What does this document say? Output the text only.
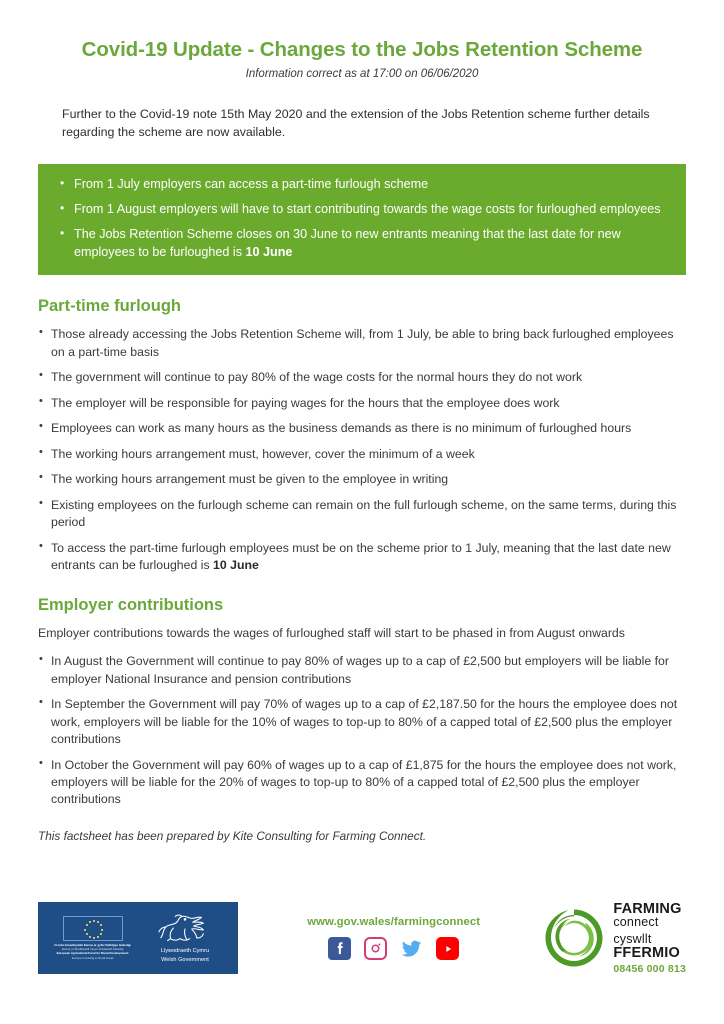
Covid-19 Update - Changes to the Jobs Retention Scheme
Information correct as at 17:00 on 06/06/2020

Further to the Covid-19 note 15th May 2020 and the extension of the Jobs Retention scheme further details regarding the scheme are now available.

• From 1 July employers can access a part-time furlough scheme
• From 1 August employers will have to start contributing towards the wage costs for furloughed employees
• The Jobs Retention Scheme closes on 30 June to new entrants meaning that the last date for new employees to be furloughed is 10 June
Part-time furlough
• Those already accessing the Jobs Retention Scheme will, from 1 July, be able to bring back furloughed employees on a part-time basis
• The government will continue to pay 80% of the wage costs for the normal hours they do not work
• The employer will be responsible for paying wages for the hours that the employee does work
• Employees can work as many hours as the business demands as there is no minimum of furloughed hours
• The working hours arrangement must, however, cover the minimum of a week
• The working hours arrangement must be given to the employee in writing
• Existing employees on the furlough scheme can remain on the full furlough scheme, on the same terms, during this period
• To access the part-time furlough employees must be on the scheme prior to 1 July, meaning that the last date new entrants can be furloughed is 10 June
Employer contributions

Employer contributions towards the wages of furloughed staff will start to be phased in from August onwards

• In August the Government will continue to pay 80% of wages up to a cap of £2,500 but employers will be liable for employer National Insurance and pension contributions
• In September the Government will pay 70% of wages up to a cap of £2,187.50 for the hours the employee does not work, employers will be liable for the 10% of wages to top-up to 80% of a capped total of £2,500 plus the employer contributions
• In October the Government will pay 60% of wages up to a cap of £1,875 for the hours the employee does not work, employers will be liable for the 20% of wages to top-up to 80% of a capped total of £2,500 plus the employer contributions
This factsheet has been prepared by Kite Consulting for Farming Connect.
Cronfa Amaethyddol Ewrop ar gyfer Datblygu Gwledig:
Ewrop yn Buddsoddi mewn Ardaloedd Gwledig
European Agricultural Fund for Rural Development:
Europe Investing in Rural Areas
Llywodraeth Cymru
Welsh Government
www.gov.wales/farmingconnect
FARMING
connect
cyswllt
FFERMIO
08456 000 813
